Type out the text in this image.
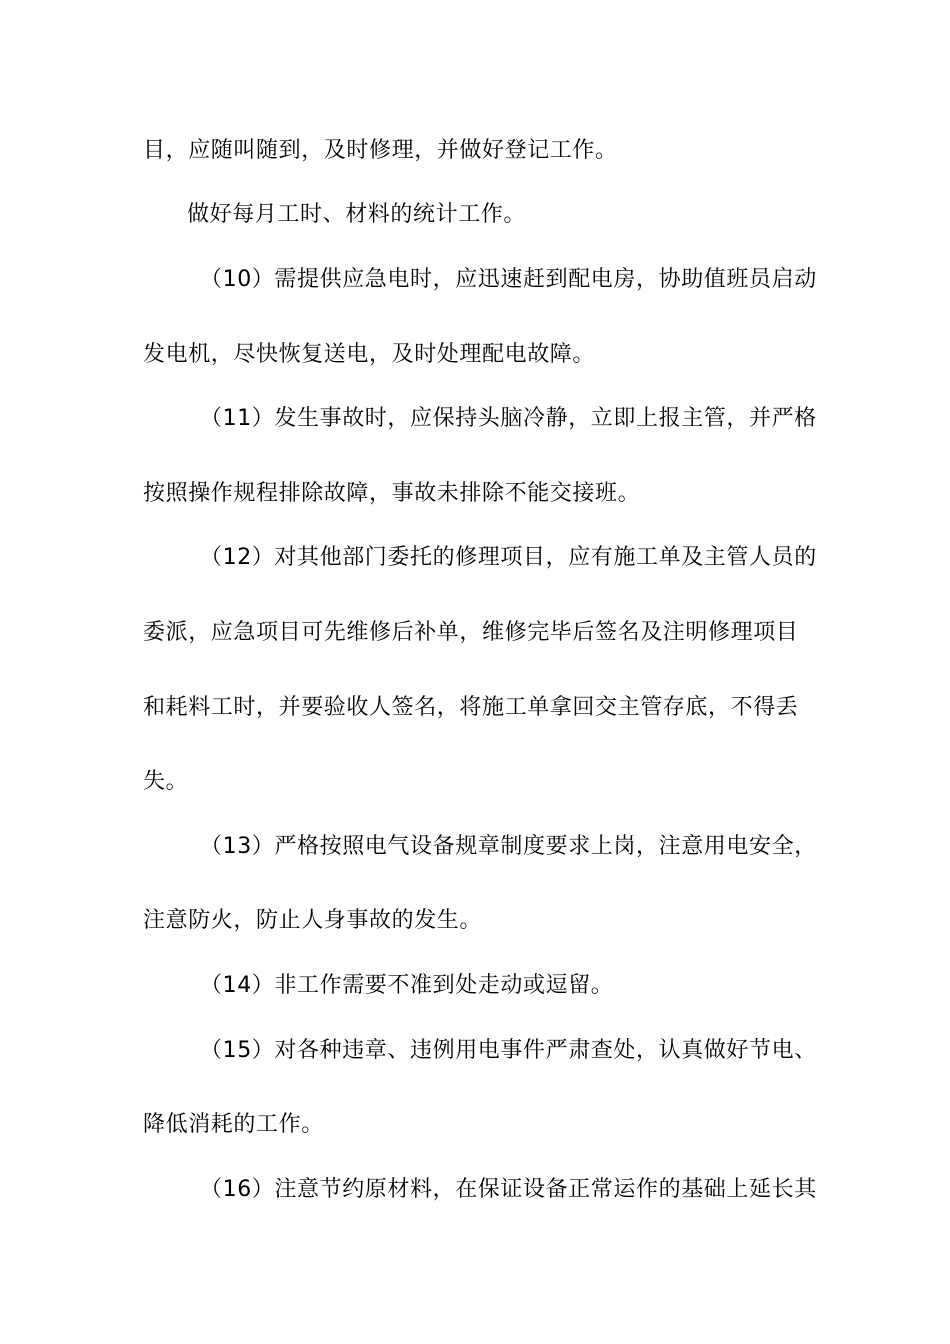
目，应随叫随到，及时修理，并做好登记工作。
做好每月工时、材料的统计工作。
（10）需提供应急电时，应迅速赶到配电房，协助值班员启动
发电机，尽快恢复送电，及时处理配电故障。
（11）发生事故时，应保持头脑冷静，立即上报主管，并严格
按照操作规程排除故障，事故未排除不能交接班。
（12）对其他部门委托的修理项目，应有施工单及主管人员的
委派，应急项目可先维修后补单，维修完毕后签名及注明修理项目
和耗料工时，并要验收人签名，将施工单拿回交主管存底，不得丢
失。
（13）严格按照电气设备规章制度要求上岗，注意用电安全，
注意防火，防止人身事故的发生。
（14）非工作需要不准到处走动或逗留。
（15）对各种违章、违例用电事件严肃查处，认真做好节电、
降低消耗的工作。
（16）注意节约原材料，在保证设备正常运作的基础上延长其
